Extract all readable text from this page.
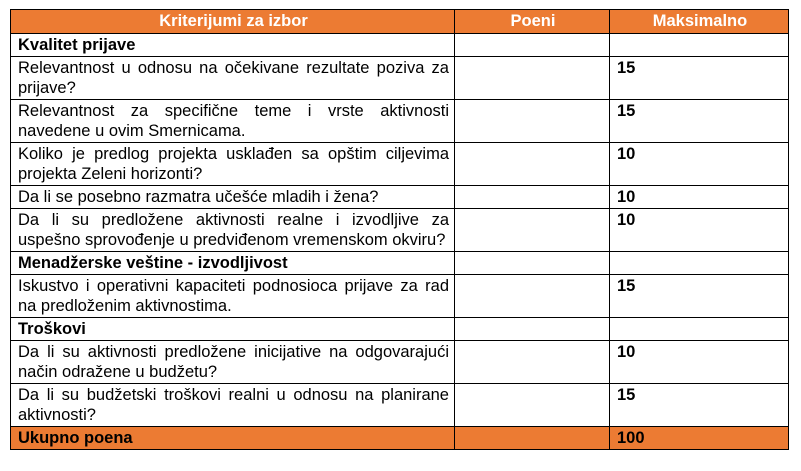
Kriterijumi za izbor	Poeni	Maksimalno
Kvalitet prijave		
Relevantnost u odnosu na očekivane rezultate poziva za prijave?		15
Relevantnost za specifične teme i vrste aktivnosti navedene u ovim Smernicama.		15
Koliko je predlog projekta usklađen sa opštim ciljevima projekta Zeleni horizonti?		10
Da li se posebno razmatra učešće mladih i žena?		10
Da li su predložene aktivnosti realne i izvodljive za uspešno sprovođenje u predviđenom vremenskom okviru?		10
Menadžerske veštine - izvodljivost		
Iskustvo i operativni kapaciteti podnosioca prijave za rad na predloženim aktivnostima.		15
Troškovi		
Da li su aktivnosti predložene inicijative na odgovarajući način odražene u budžetu?		10
Da li su budžetski troškovi realni u odnosu na planirane aktivnosti?		15
Ukupno poena		100
